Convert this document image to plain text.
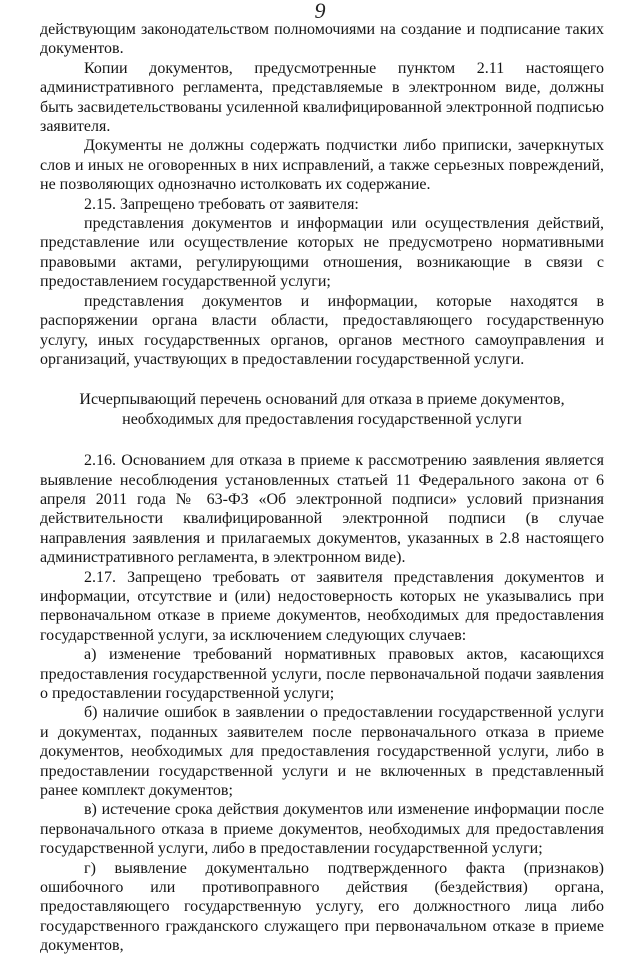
9

действующим законодательством полномочиями на создание и подписание таких документов.

Копии документов, предусмотренные пунктом 2.11 настоящего административного регламента, представляемые в электронном виде, должны быть засвидетельствованы усиленной квалифицированной электронной подписью заявителя.

Документы не должны содержать подчистки либо приписки, зачеркнутых слов и иных не оговоренных в них исправлений, а также серьезных повреждений, не позволяющих однозначно истолковать их содержание.

2.15. Запрещено требовать от заявителя:

представления документов и информации или осуществления действий, представление или осуществление которых не предусмотрено нормативными правовыми актами, регулирующими отношения, возникающие в связи с предоставлением государственной услуги;

представления документов и информации, которые находятся в распоряжении органа власти области, предоставляющего государственную услугу, иных государственных органов, органов местного самоуправления и организаций, участвующих в предоставлении государственной услуги.

Исчерпывающий перечень оснований для отказа в приеме документов,
необходимых для предоставления государственной услуги

2.16. Основанием для отказа в приеме к рассмотрению заявления является выявление несоблюдения установленных статьей 11 Федерального закона от 6 апреля 2011 года № 63-ФЗ «Об электронной подписи» условий признания действительности квалифицированной электронной подписи (в случае направления заявления и прилагаемых документов, указанных в 2.8 настоящего административного регламента, в электронном виде).

2.17. Запрещено требовать от заявителя представления документов и информации, отсутствие и (или) недостоверность которых не указывались при первоначальном отказе в приеме документов, необходимых для предоставления государственной услуги, за исключением следующих случаев:

а) изменение требований нормативных правовых актов, касающихся предоставления государственной услуги, после первоначальной подачи заявления о предоставлении государственной услуги;

б) наличие ошибок в заявлении о предоставлении государственной услуги и документах, поданных заявителем после первоначального отказа в приеме документов, необходимых для предоставления государственной услуги, либо в предоставлении государственной услуги и не включенных в представленный ранее комплект документов;

в) истечение срока действия документов или изменение информации после первоначального отказа в приеме документов, необходимых для предоставления государственной услуги, либо в предоставлении государственной услуги;

г) выявление документально подтвержденного факта (признаков) ошибочного или противоправного действия (бездействия) органа, предоставляющего государственную услугу, его должностного лица либо государственного гражданского служащего при первоначальном отказе в приеме документов,
